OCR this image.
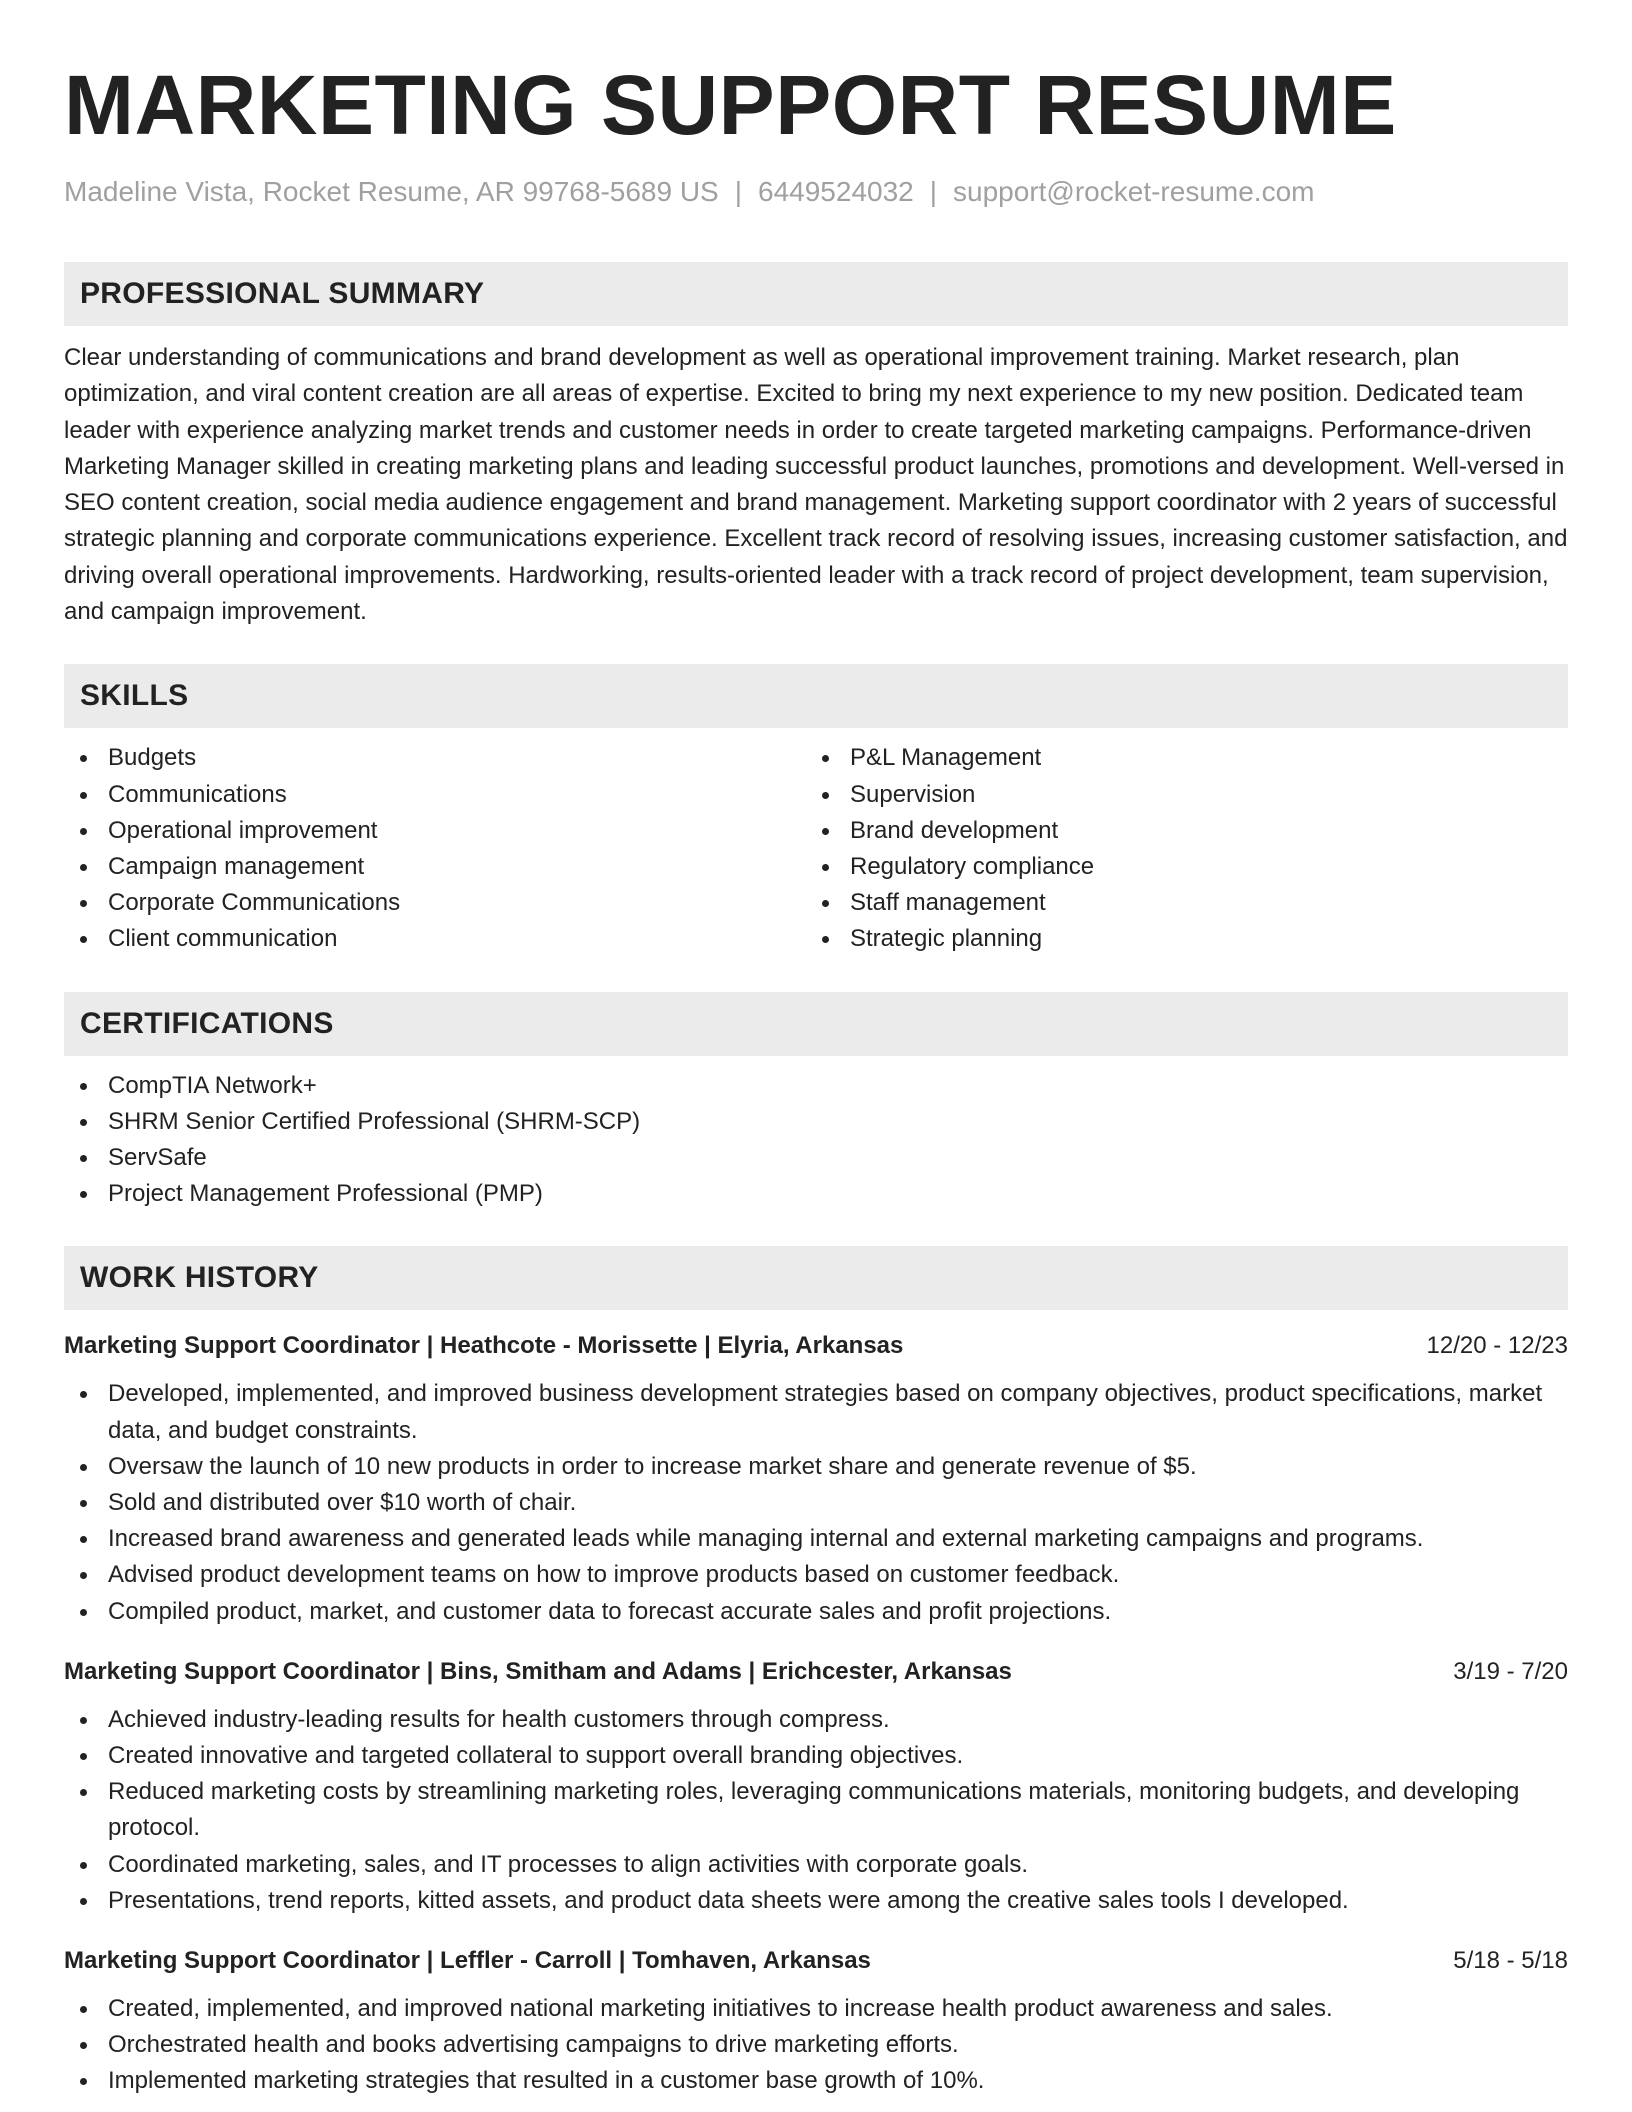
MARKETING SUPPORT RESUME
Madeline Vista, Rocket Resume, AR 99768-5689 US | 6449524032 | support@rocket-resume.com
PROFESSIONAL SUMMARY

Clear understanding of communications and brand development as well as operational improvement training. Market research, plan optimization, and viral content creation are all areas of expertise. Excited to bring my next experience to my new position. Dedicated team leader with experience analyzing market trends and customer needs in order to create targeted marketing campaigns. Performance-driven Marketing Manager skilled in creating marketing plans and leading successful product launches, promotions and development. Well-versed in SEO content creation, social media audience engagement and brand management. Marketing support coordinator with 2 years of successful strategic planning and corporate communications experience. Excellent track record of resolving issues, increasing customer satisfaction, and driving overall operational improvements. Hardworking, results-oriented leader with a track record of project development, team supervision, and campaign improvement.

SKILLS
Budgets
Communications
Operational improvement
Campaign management
Corporate Communications
Client communication
P&L Management
Supervision
Brand development
Regulatory compliance
Staff management
Strategic planning
CERTIFICATIONS
CompTIA Network+
SHRM Senior Certified Professional (SHRM-SCP)
ServSafe
Project Management Professional (PMP)
WORK HISTORY
Marketing Support Coordinator | Heathcote - Morissette | Elyria, Arkansas	12/20 - 12/23
Developed, implemented, and improved business development strategies based on company objectives, product specifications, market data, and budget constraints.
Oversaw the launch of 10 new products in order to increase market share and generate revenue of $5.
Sold and distributed over $10 worth of chair.
Increased brand awareness and generated leads while managing internal and external marketing campaigns and programs.
Advised product development teams on how to improve products based on customer feedback.
Compiled product, market, and customer data to forecast accurate sales and profit projections.
Marketing Support Coordinator | Bins, Smitham and Adams | Erichcester, Arkansas	3/19 - 7/20
Achieved industry-leading results for health customers through compress.
Created innovative and targeted collateral to support overall branding objectives.
Reduced marketing costs by streamlining marketing roles, leveraging communications materials, monitoring budgets, and developing protocol.
Coordinated marketing, sales, and IT processes to align activities with corporate goals.
Presentations, trend reports, kitted assets, and product data sheets were among the creative sales tools I developed.
Marketing Support Coordinator | Leffler - Carroll | Tomhaven, Arkansas	5/18 - 5/18
Created, implemented, and improved national marketing initiatives to increase health product awareness and sales.
Orchestrated health and books advertising campaigns to drive marketing efforts.
Implemented marketing strategies that resulted in a customer base growth of 10%.
